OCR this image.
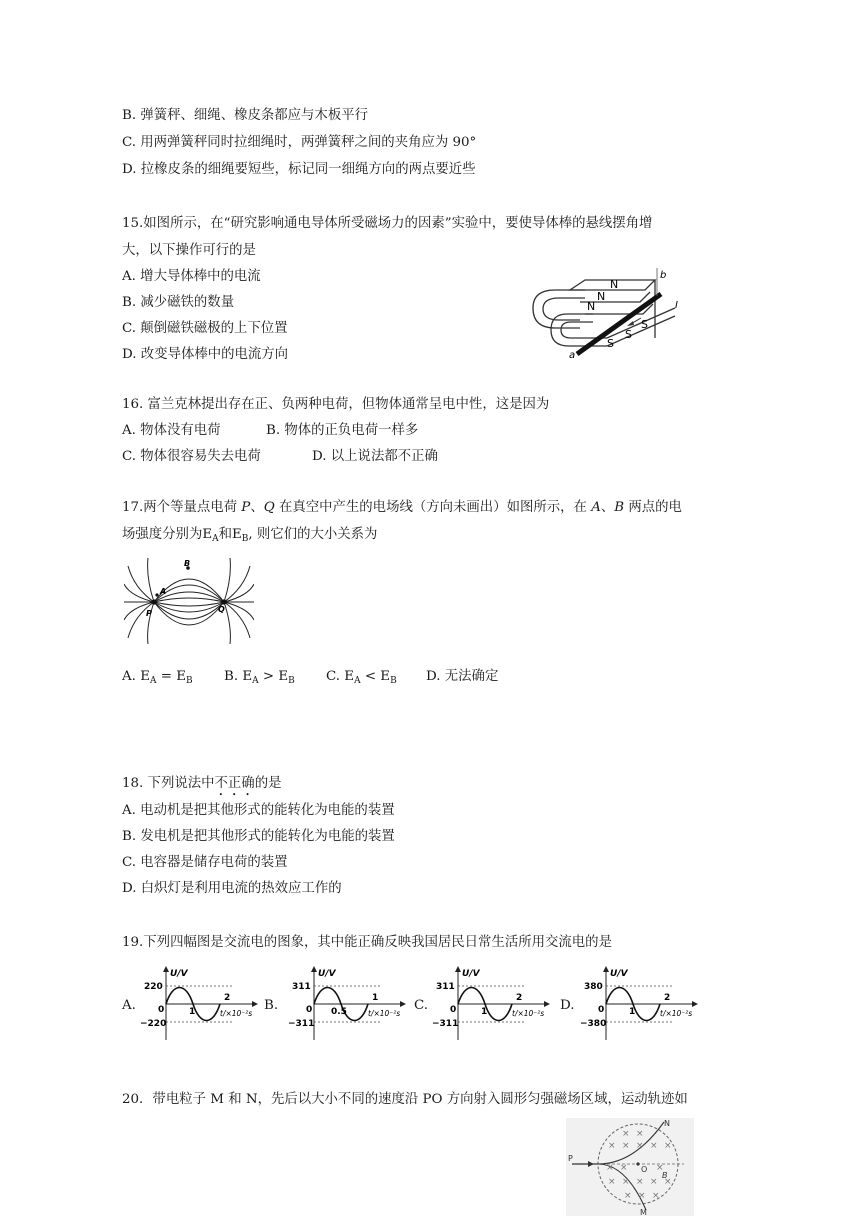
B. 弹簧秤、细绳、橡皮条都应与木板平行
C. 用两弹簧秤同时拉细绳时，两弹簧秤之间的夹角应为 90°
D. 拉橡皮条的细绳要短些，标记同一细绳方向的两点要近些
15.如图所示，在“研究影响通电导体所受磁场力的因素”实验中，要使导体棒的悬线摆角增
大，以下操作可行的是
A. 增大导体棒中的电流
B. 减少磁铁的数量
C. 颠倒磁铁磁极的上下位置
D. 改变导体棒中的电流方向
N
N
N
S
S
S
a
b
I
16. 富兰克林提出存在正、负两种电荷，但物体通常呈电中性，这是因为
A. 物体没有电荷	B. 物体的正负电荷一样多
C. 物体很容易失去电荷	D. 以上说法都不正确
17.两个等量点电荷 P、Q 在真空中产生的电场线（方向未画出）如图所示，在 A、B 两点的电
场强度分别为$E_A$和$E_B$, 则它们的大小关系为
B
A
P	Q
A. $E_A = E_B$ B. $E_A > E_B$ C. $E_A < E_B$ D. 无法确定
18. 下列说法中不正确的是
A. 电动机是把其他形式的能转化为电能的装置
B. 发电机是把其他形式的能转化为电能的装置
C. 电容器是储存电荷的装置
D. 白炽灯是利用电流的热效应工作的
19.下列四幅图是交流电的图象，其中能正确反映我国居民日常生活所用交流电的是
A.	B.	C.	D.
U/V
220
−220
0	1
2
t/×10⁻²s
U/V
311
−311
0 0.5
1
t/×10⁻²s
U/V
311
−311
0	1
2
t/×10⁻²s
U/V
380
−380
0	1
2
t/×10⁻²s
20．带电粒子 M 和 N，先后以大小不同的速度沿 PO 方向射入圆形匀强磁场区域，运动轨迹如
× ×
× × × × ×
× ×	×
× × × × ×
× × ×
N
M
P
O
B
